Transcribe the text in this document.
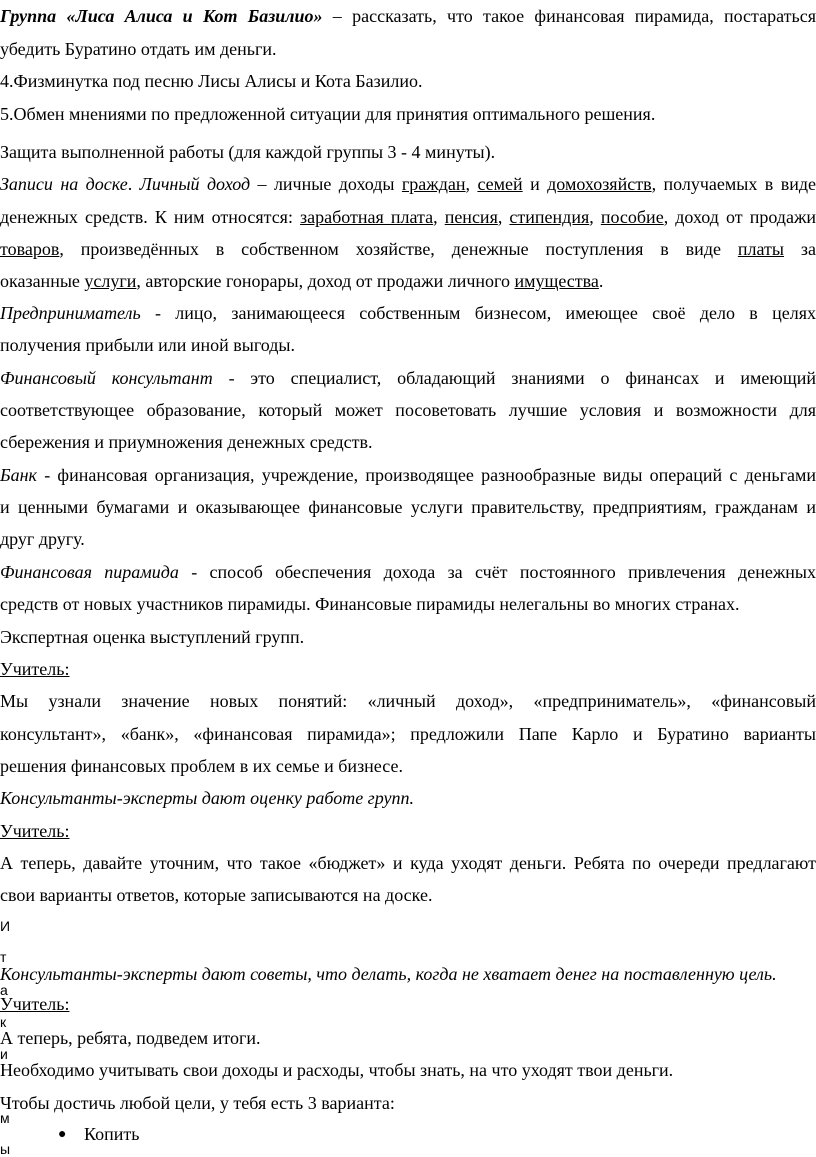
Группа «Лиса Алиса и Кот Базилио» – рассказать, что такое финансовая пирамида, постараться
убедить Буратино отдать им деньги.
4.Физминутка под песню Лисы Алисы и Кота Базилио.
5.Обмен мнениями по предложенной ситуации для принятия оптимального решения.
Защита выполненной работы (для каждой группы 3 - 4 минуты).
Записи на доске. Личный доход – личные доходы граждан, семей и домохозяйств, получаемых в виде
денежных средств. К ним относятся: заработная плата, пенсия, стипендия, пособие, доход от продажи
товаров, произведённых в собственном хозяйстве, денежные поступления в виде платы за
оказанные услуги, авторские гонорары, доход от продажи личного имущества.
Предприниматель - лицо, занимающееся собственным бизнесом, имеющее своё дело в целях
получения прибыли или иной выгоды.
Финансовый консультант - это специалист, обладающий знаниями о финансах и имеющий
соответствующее образование, который может посоветовать лучшие условия и возможности для
сбережения и приумножения денежных средств.
Банк - финансовая организация, учреждение, производящее разнообразные виды операций с деньгами
и ценными бумагами и оказывающее финансовые услуги правительству, предприятиям, гражданам и
друг другу.
Финансовая пирамида - способ обеспечения дохода за счёт постоянного привлечения денежных
средств от новых участников пирамиды. Финансовые пирамиды нелегальны во многих странах.
Экспертная оценка выступлений групп.
Учитель:
Мы узнали значение новых понятий: «личный доход», «предприниматель», «финансовый
консультант», «банк», «финансовая пирамида»; предложили Папе Карло и Буратино варианты
решения финансовых проблем в их семье и бизнесе.
Консультанты-эксперты дают оценку работе групп.
Учитель:
А теперь, давайте уточним, что такое «бюджет» и куда уходят деньги. Ребята по очереди предлагают
свои варианты ответов, которые записываются на доске.
И
т
а
к
и
м
ы
Консультанты-эксперты дают советы, что делать, когда не хватает денег на поставленную цель.
Учитель:
А теперь, ребята, подведем итоги.
Необходимо учитывать свои доходы и расходы, чтобы знать, на что уходят твои деньги.
Чтобы достичь любой цели, у тебя есть 3 варианта:
● Копить
